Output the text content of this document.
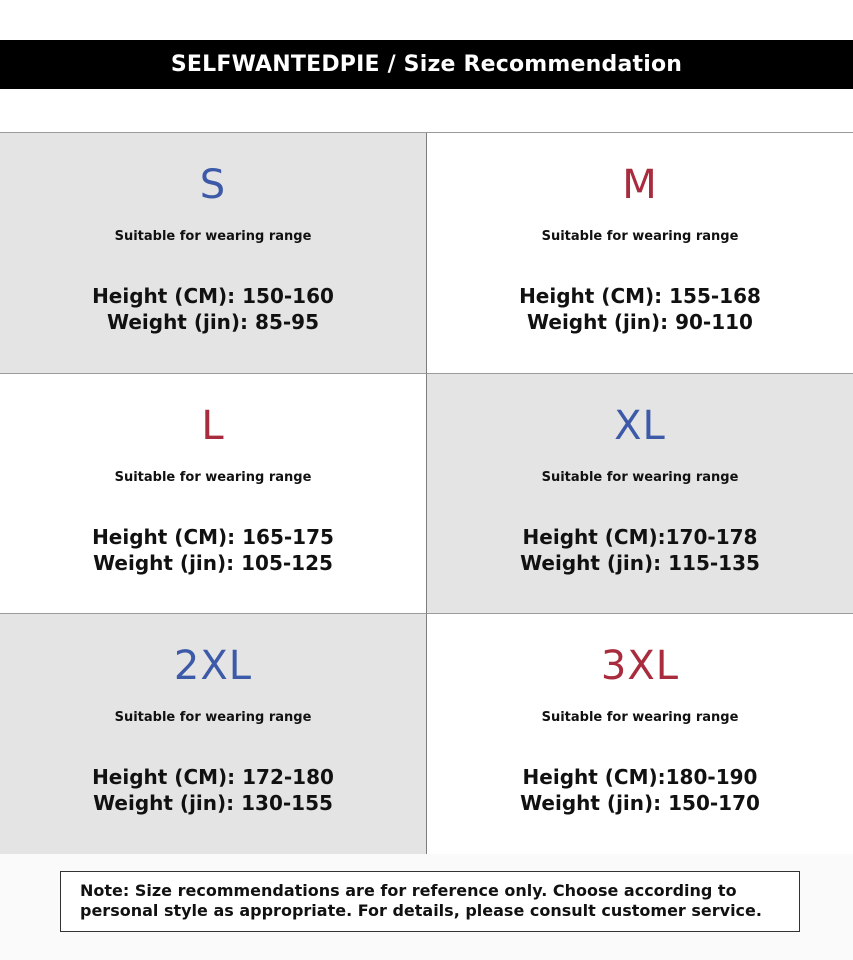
SELFWANTEDPIE / Size Recommendation
S
Suitable for wearing range
Height (CM): 150-160
Weight (jin): 85-95
M
Suitable for wearing range
Height (CM): 155-168
Weight (jin): 90-110
L
Suitable for wearing range
Height (CM): 165-175
Weight (jin): 105-125
XL
Suitable for wearing range
Height (CM):170-178
Weight (jin): 115-135
2XL
Suitable for wearing range
Height (CM): 172-180
Weight (jin): 130-155
3XL
Suitable for wearing range
Height (CM):180-190
Weight (jin): 150-170
Note: Size recommendations are for reference only. Choose according to personal style as appropriate. For details, please consult customer service.
